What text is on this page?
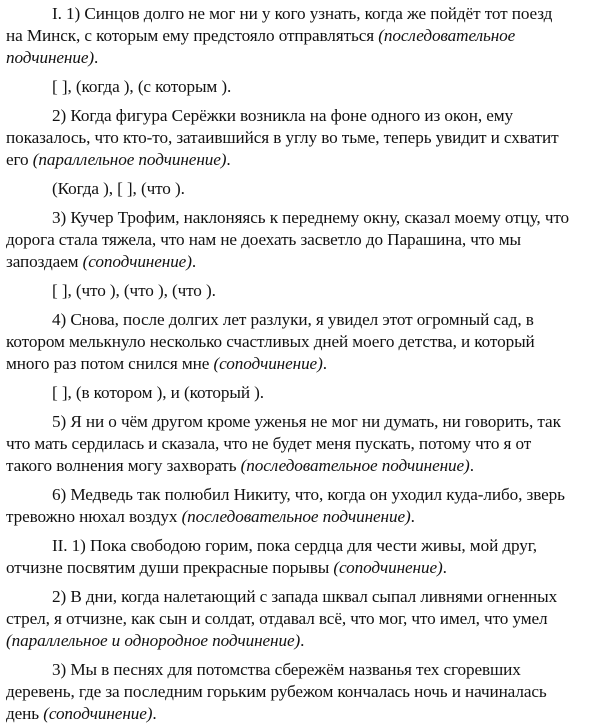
I. 1) Синцов долго не мог ни у кого узнать, когда же пойдёт тот поезд
на Минск, с которым ему предстояло отправляться (последовательное
подчинение).
[ ], (когда ), (с которым ).
2) Когда фигура Серёжки возникла на фоне одного из окон, ему
показалось, что кто-то, затаившийся в углу во тьме, теперь увидит и схватит
его (параллельное подчинение).
(Когда ), [ ], (что ).
3) Кучер Трофим, наклоняясь к переднему окну, сказал моему отцу, что
дорога стала тяжела, что нам не доехать засветло до Парашина, что мы
запоздаем (соподчинение).
[ ], (что ), (что ), (что ).
4) Снова, после долгих лет разлуки, я увидел этот огромный сад, в
котором мелькнуло несколько счастливых дней моего детства, и который
много раз потом снился мне (соподчинение).
[ ], (в котором ), и (который ).
5) Я ни о чём другом кроме уженья не мог ни думать, ни говорить, так
что мать сердилась и сказала, что не будет меня пускать, потому что я от
такого волнения могу захворать (последовательное подчинение).
6) Медведь так полюбил Никиту, что, когда он уходил куда-либо, зверь
тревожно нюхал воздух (последовательное подчинение).
II. 1) Пока свободою горим, пока сердца для чести живы, мой друг,
отчизне посвятим души прекрасные порывы (соподчинение).
2) В дни, когда налетающий с запада шквал сыпал ливнями огненных
стрел, я отчизне, как сын и солдат, отдавал всё, что мог, что имел, что умел
(параллельное и однородное подчинение).
3) Мы в песнях для потомства сбережём названья тех сгоревших
деревень, где за последним горьким рубежом кончалась ночь и начиналась
день (соподчинение).
